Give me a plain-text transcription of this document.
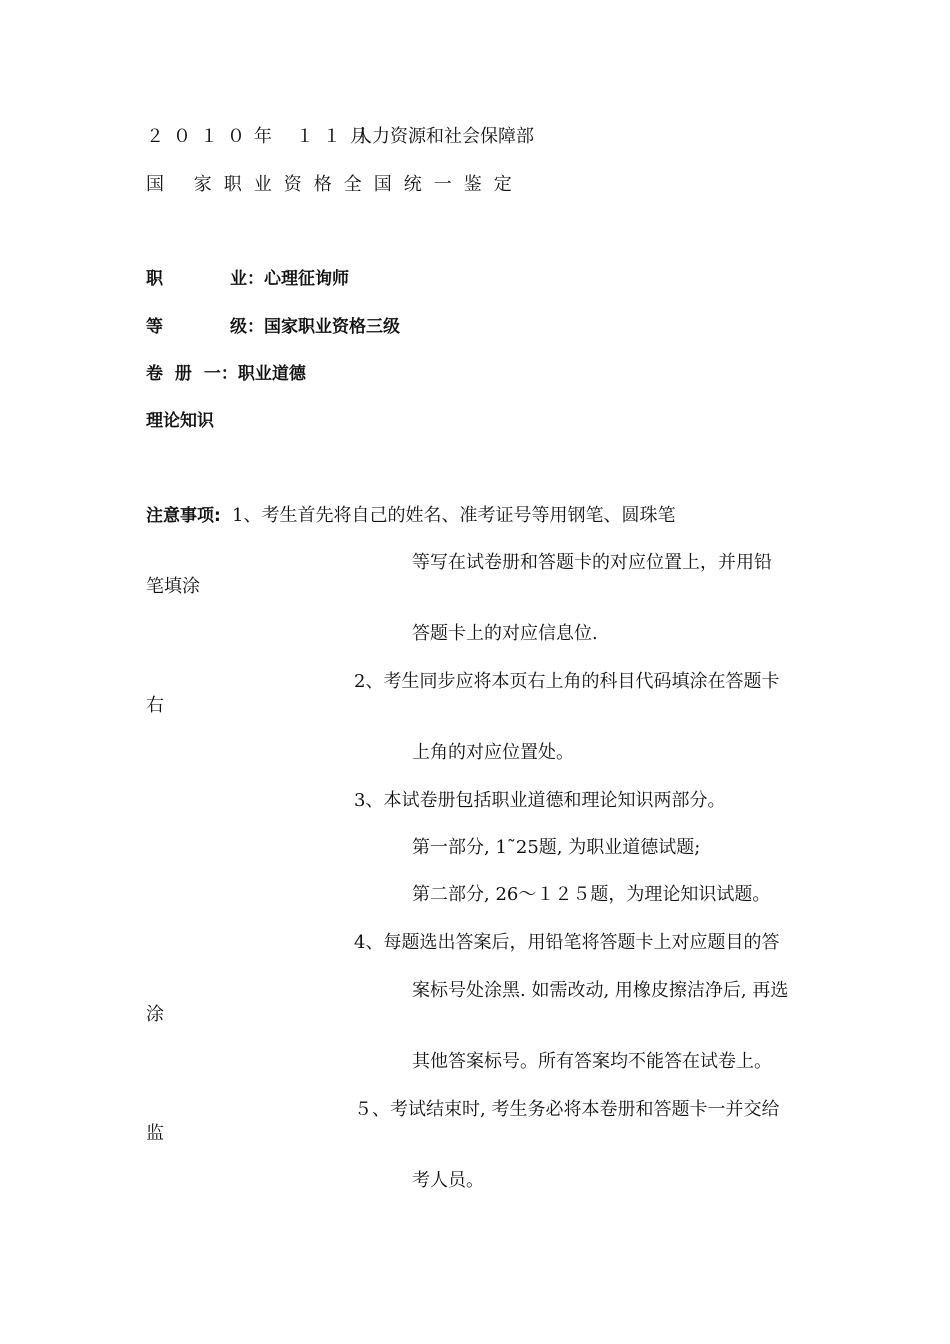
２０１０年 １１月
人力资源和社会保障部
国 家职业资格全国统一鉴定
职	业：心理征询师
等	级：国家职业资格三级
卷 册 一：职业道德
理论知识
注意事项: 1、考生首先将自己的姓名、准考证号等用钢笔、圆珠笔
等写在试卷册和答题卡的对应位置上，并用铅
笔填涂
答题卡上的对应信息位.
2、考生同步应将本页右上角的科目代码填涂在答题卡
右
上角的对应位置处。
3、本试卷册包括职业道德和理论知识两部分。
第一部分, 1˜25题, 为职业道德试题;
第二部分, 26～１２５题，为理论知识试题。
4、每题选出答案后，用铅笔将答题卡上对应题目的答
案标号处涂黑. 如需改动, 用橡皮擦洁净后, 再选
涂
其他答案标号。所有答案均不能答在试卷上。
５、考试结束时, 考生务必将本卷册和答题卡一并交给
监
考人员。
